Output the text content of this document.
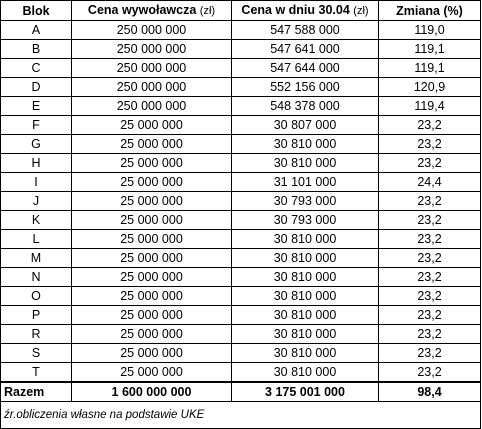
Blok	Cena wywoławcza (zł)	Cena w dniu 30.04 (zł)	Zmiana (%)
A	250 000 000	547 588 000	119,0
B	250 000 000	547 641 000	119,1
C	250 000 000	547 644 000	119,1
D	250 000 000	552 156 000	120,9
E	250 000 000	548 378 000	119,4
F	25 000 000	30 807 000	23,2
G	25 000 000	30 810 000	23,2
H	25 000 000	30 810 000	23,2
I	25 000 000	31 101 000	24,4
J	25 000 000	30 793 000	23,2
K	25 000 000	30 793 000	23,2
L	25 000 000	30 810 000	23,2
M	25 000 000	30 810 000	23,2
N	25 000 000	30 810 000	23,2
O	25 000 000	30 810 000	23,2
P	25 000 000	30 810 000	23,2
R	25 000 000	30 810 000	23,2
S	25 000 000	30 810 000	23,2
T	25 000 000	30 810 000	23,2
Razem	1 600 000 000	3 175 001 000	98,4
źr.obliczenia własne na podstawie UKE			
